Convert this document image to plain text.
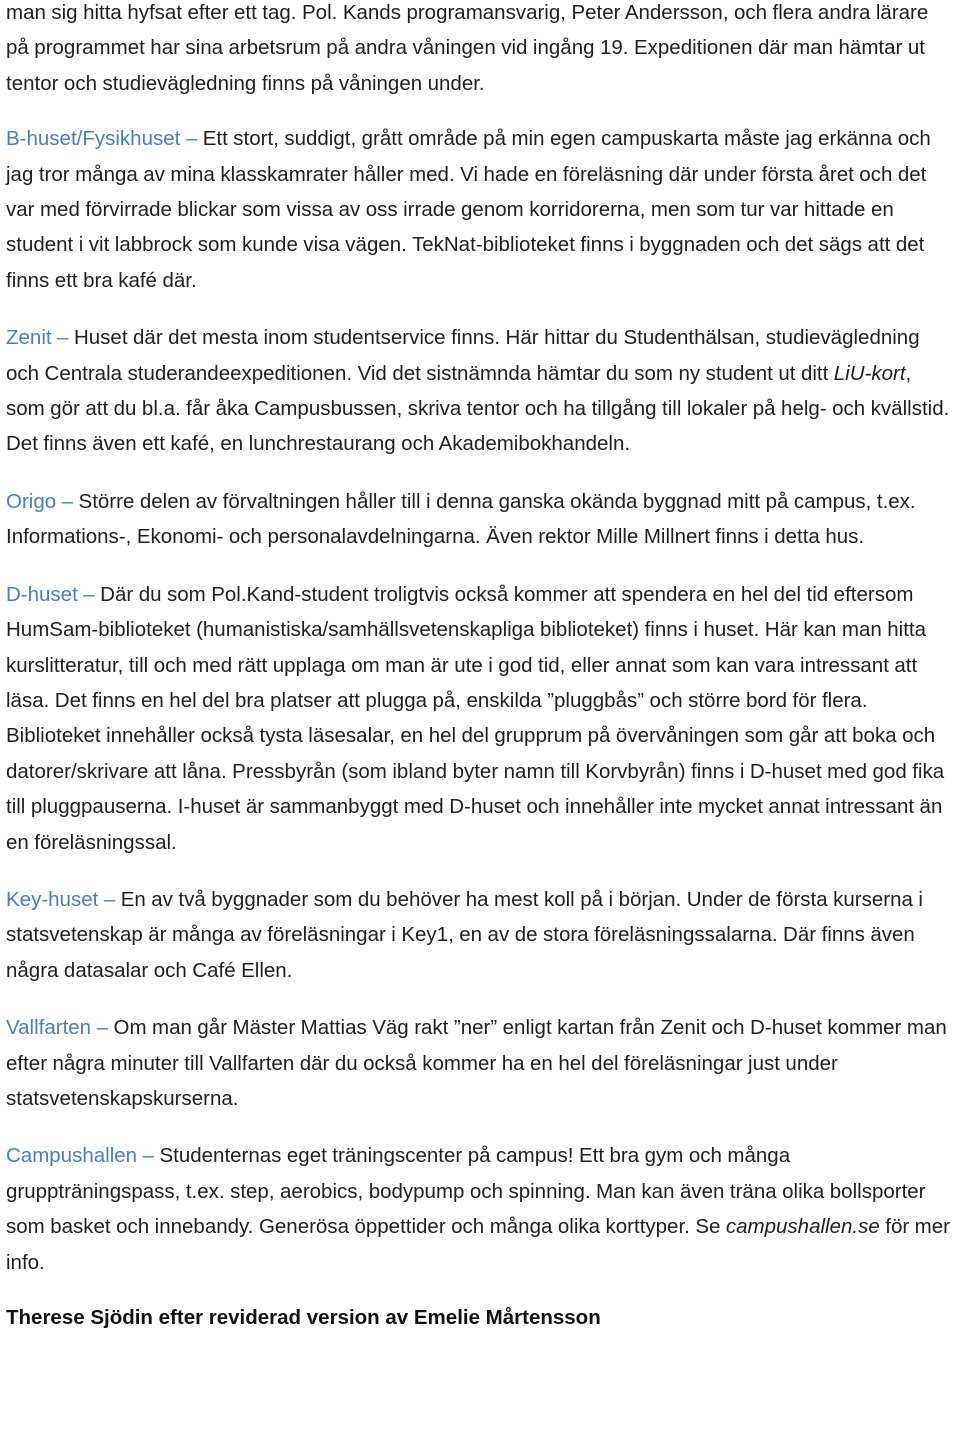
man sig hitta hyfsat efter ett tag. Pol. Kands programansvarig, Peter Andersson, och flera andra lärare på programmet har sina arbetsrum på andra våningen vid ingång 19. Expeditionen där man hämtar ut tentor och studievägledning finns på våningen under.

B-huset/Fysikhuset – Ett stort, suddigt, grått område på min egen campuskarta måste jag erkänna och jag tror många av mina klasskamrater håller med. Vi hade en föreläsning där under första året och det var med förvirrade blickar som vissa av oss irrade genom korridorerna, men som tur var hittade en student i vit labbrock som kunde visa vägen. TekNat-biblioteket finns i byggnaden och det sägs att det finns ett bra kafé där.

Zenit – Huset där det mesta inom studentservice finns. Här hittar du Studenthälsan, studievägledning och Centrala studerandeexpeditionen. Vid det sistnämnda hämtar du som ny student ut ditt LiU-kort, som gör att du bl.a. får åka Campusbussen, skriva tentor och ha tillgång till lokaler på helg- och kvällstid. Det finns även ett kafé, en lunchrestaurang och Akademibokhandeln.

Origo – Större delen av förvaltningen håller till i denna ganska okända byggnad mitt på campus, t.ex. Informations-, Ekonomi- och personalavdelningarna. Även rektor Mille Millnert finns i detta hus.

D-huset – Där du som Pol.Kand-student troligtvis också kommer att spendera en hel del tid eftersom HumSam-biblioteket (humanistiska/samhällsvetenskapliga biblioteket) finns i huset. Här kan man hitta kurslitteratur, till och med rätt upplaga om man är ute i god tid, eller annat som kan vara intressant att läsa. Det finns en hel del bra platser att plugga på, enskilda ”pluggbås” och större bord för flera. Biblioteket innehåller också tysta läsesalar, en hel del grupprum på övervåningen som går att boka och datorer/skrivare att låna. Pressbyrån (som ibland byter namn till Korvbyrån) finns i D-huset med god fika till pluggpauserna. I-huset är sammanbyggt med D-huset och innehåller inte mycket annat intressant än en föreläsningssal.

Key-huset – En av två byggnader som du behöver ha mest koll på i början. Under de första kurserna i statsvetenskap är många av föreläsningar i Key1, en av de stora föreläsningssalarna. Där finns även några datasalar och Café Ellen.

Vallfarten – Om man går Mäster Mattias Väg rakt ”ner” enligt kartan från Zenit och D-huset kommer man efter några minuter till Vallfarten där du också kommer ha en hel del föreläsningar just under statsvetenskapskurserna.

Campushallen – Studenternas eget träningscenter på campus! Ett bra gym och många gruppträningspass, t.ex. step, aerobics, bodypump och spinning. Man kan även träna olika bollsporter som basket och innebandy. Generösa öppettider och många olika korttyper. Se campushallen.se för mer info.

Therese Sjödin efter reviderad version av Emelie Mårtensson
